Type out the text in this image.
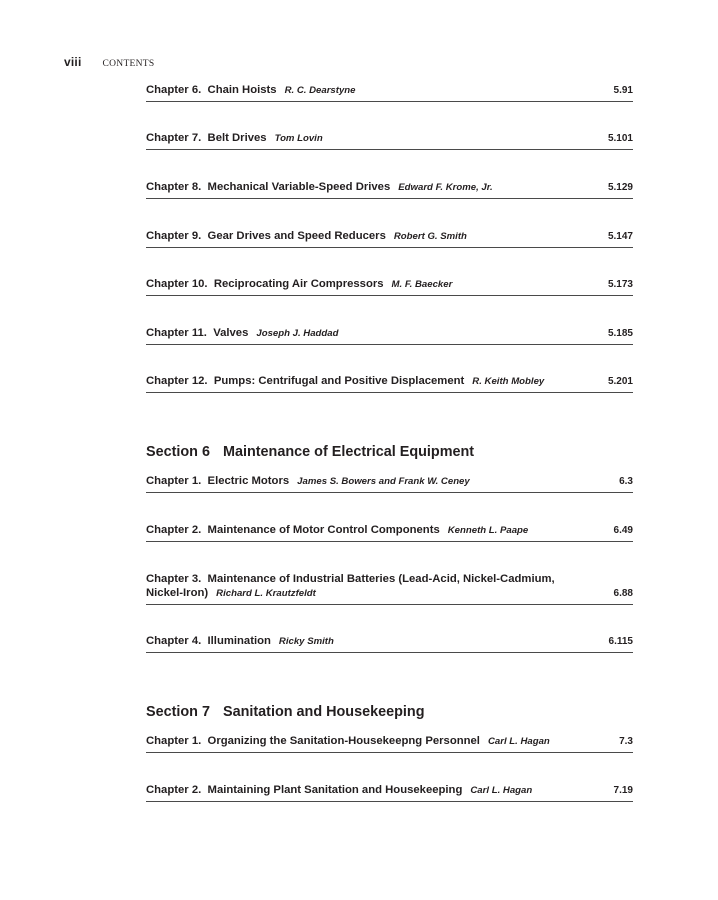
viii CONTENTS
Chapter 6. Chain Hoists R. C. Dearstyne	5.91
Chapter 7. Belt Drives Tom Lovin	5.101
Chapter 8. Mechanical Variable-Speed Drives Edward F. Krome, Jr.	5.129
Chapter 9. Gear Drives and Speed Reducers Robert G. Smith	5.147
Chapter 10. Reciprocating Air Compressors M. F. Baecker	5.173
Chapter 11. Valves Joseph J. Haddad	5.185
Chapter 12. Pumps: Centrifugal and Positive Displacement R. Keith Mobley	5.201
Section 6 Maintenance of Electrical Equipment
Chapter 1. Electric Motors James S. Bowers and Frank W. Ceney	6.3
Chapter 2. Maintenance of Motor Control Components Kenneth L. Paape	6.49
Chapter 3. Maintenance of Industrial Batteries (Lead-Acid, Nickel-Cadmium,
Nickel-Iron) Richard L. Krautzfeldt	6.88
Chapter 4. Illumination Ricky Smith	6.115
Section 7 Sanitation and Housekeeping
Chapter 1. Organizing the Sanitation-Housekeepng Personnel Carl L. Hagan	7.3
Chapter 2. Maintaining Plant Sanitation and Housekeeping Carl L. Hagan	7.19
